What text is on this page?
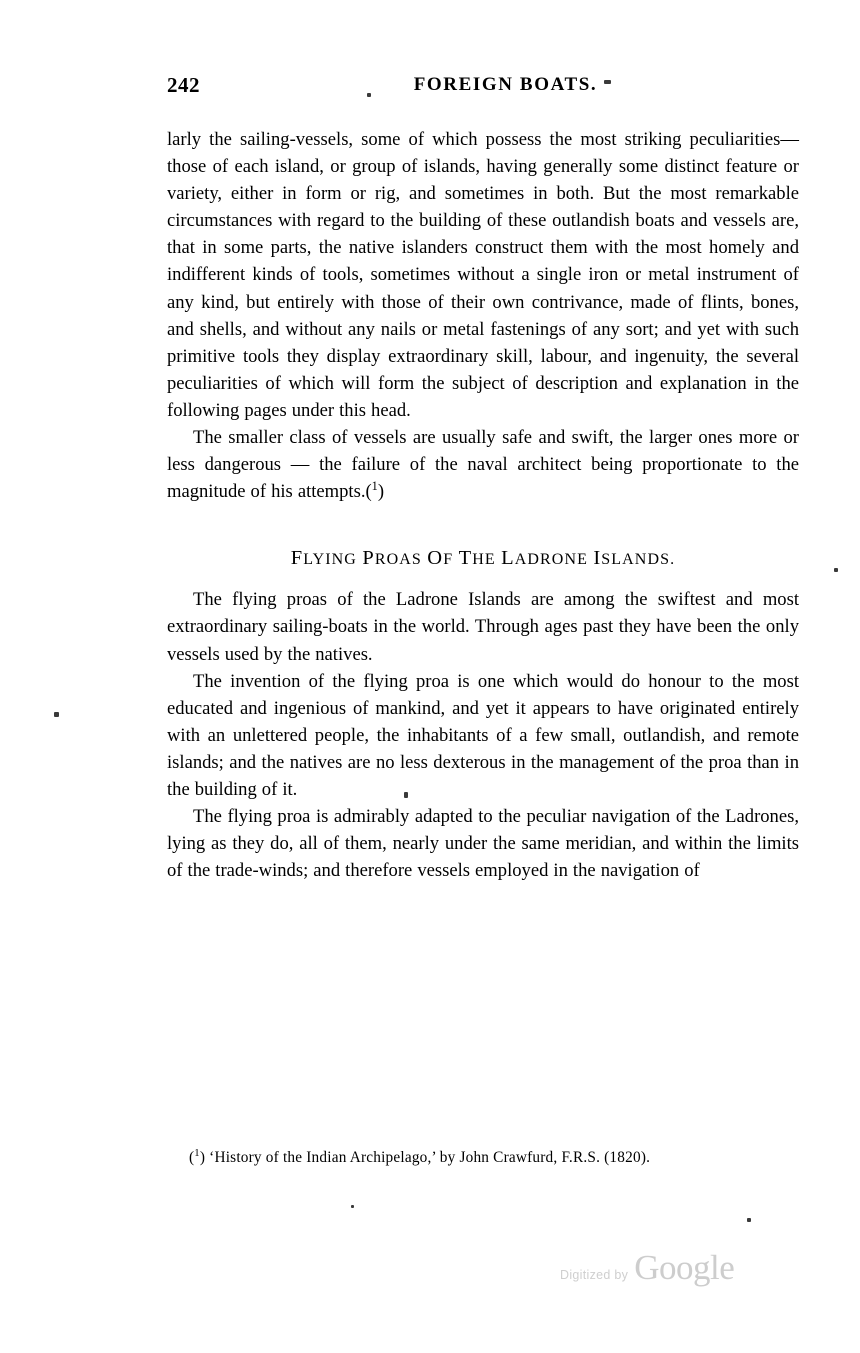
242	FOREIGN BOATS.

larly the sailing-vessels, some of which possess the most striking peculiarities—those of each island, or group of islands, having generally some distinct feature or variety, either in form or rig, and sometimes in both. But the most remarkable circumstances with regard to the building of these outlandish boats and vessels are, that in some parts, the native islanders construct them with the most homely and indifferent kinds of tools, sometimes without a single iron or metal instrument of any kind, but entirely with those of their own contrivance, made of flints, bones, and shells, and without any nails or metal fastenings of any sort; and yet with such primitive tools they display extraordinary skill, labour, and ingenuity, the several peculiarities of which will form the subject of description and explanation in the following pages under this head.

The smaller class of vessels are usually safe and swift, the larger ones more or less dangerous — the failure of the naval architect being proportionate to the magnitude of his attempts.($^1$)

FLYING PROAS OF THE LADRONE ISLANDS.

The flying proas of the Ladrone Islands are among the swiftest and most extraordinary sailing-boats in the world. Through ages past they have been the only vessels used by the natives.

The invention of the flying proa is one which would do honour to the most educated and ingenious of mankind, and yet it appears to have originated entirely with an unlettered people, the inhabitants of a few small, outlandish, and remote islands; and the natives are no less dexterous in the management of the proa than in the building of it.

The flying proa is admirably adapted to the peculiar navigation of the Ladrones, lying as they do, all of them, nearly under the same meridian, and within the limits of the trade-winds; and therefore vessels employed in the navigation of

($^1$) ‘History of the Indian Archipelago,’ by John Crawfurd, F.R.S. (1820).
Digitized by Google
